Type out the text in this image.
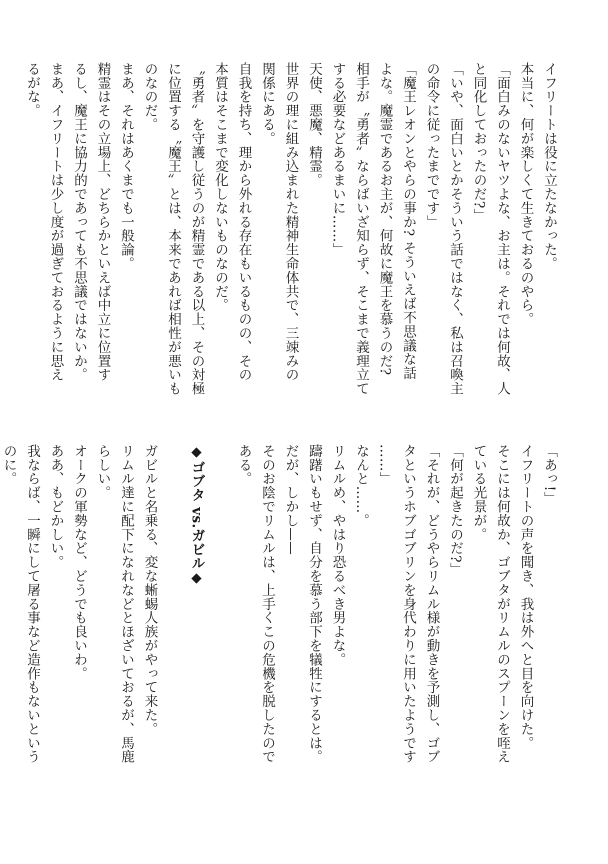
イフリートは役に立たなかった。
本当に、何が楽しくて生きておるのやら。
「面白みのないヤツよな、お主は。それでは何故、人
と同化しておったのだ?」
「いや、面白いとかそういう話ではなく、私は召喚主
の命令に従ったまでです」
「魔王レオンとやらの事か? そういえば不思議な話
よな。魔霊であるお主が、何故に魔王を慕うのだ?
相手が〝勇者〟ならばいざ知らず、そこまで義理立て
する必要などあるまいに……」
天使、悪魔、精霊。
世界の理に組み込まれた精神生命体共で、三竦みの
関係にある。
自我を持ち、理から外れる存在もいるものの、その
本質はそこまで変化しないものなのだ。
〝勇者〟を守護し従うのが精霊である以上、その対極
に位置する〝魔王〟とは、本来であれば相性が悪いも
のなのだ。
まあ、それはあくまでも一般論。
精霊はその立場上、どちらかといえば中立に位置す
るし、魔王に協力的であっても不思議ではないか。
まあ、イフリートは少し度が過ぎておるように思え
るがな。
「あっ!」
イフリートの声を聞き、我は外へと目を向けた。
そこには何故か、ゴブタがリムルのスプーンを咥え
ている光景が。
「何が起きたのだ?」
「それが、どうやらリムル様が動きを予測し、ゴブ
タというホブゴブリンを身代わりに用いたようです
……」
なんと……。
リムルめ、やはり恐るべき男よな。
躊躇いもせず、自分を慕う部下を犠牲にするとは。
だが、しかし——
そのお陰でリムルは、上手くこの危機を脱したので
ある。
◆ゴブタ vs.ガビル◆
ガビルと名乗る、変な蜥蜴人族がやって来た。
リムル達に配下になれなどとほざいておるが、馬鹿
らしい。
オークの軍勢など、どうでも良いわ。
ああ、もどかしい。
我ならば、一瞬にして屠る事など造作もないという
のに。
